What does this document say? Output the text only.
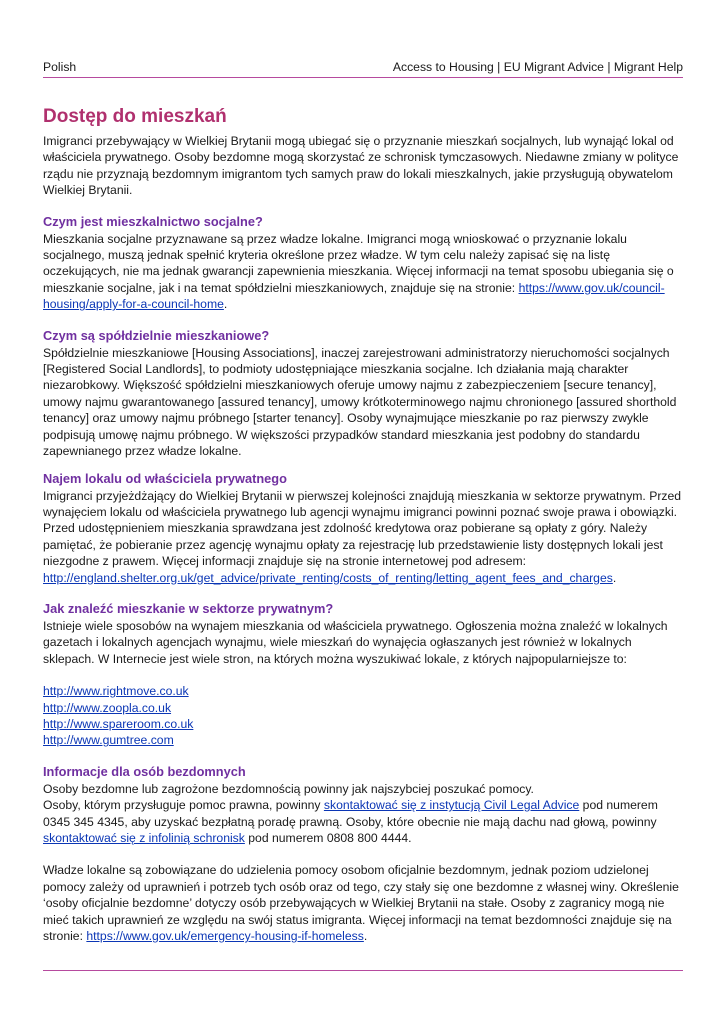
Polish	Access to Housing | EU Migrant Advice | Migrant Help
Dostęp do mieszkań

Imigranci przebywający w Wielkiej Brytanii mogą ubiegać się o przyznanie mieszkań socjalnych, lub wynająć lokal od właściciela prywatnego. Osoby bezdomne mogą skorzystać ze schronisk tymczasowych. Niedawne zmiany w polityce rządu nie przyznają bezdomnym imigrantom tych samych praw do lokali mieszkalnych, jakie przysługują obywatelom Wielkiej Brytanii.

Czym jest mieszkalnictwo socjalne?

Mieszkania socjalne przyznawane są przez władze lokalne. Imigranci mogą wnioskować o przyznanie lokalu socjalnego, muszą jednak spełnić kryteria określone przez władze. W tym celu należy zapisać się na listę oczekujących, nie ma jednak gwarancji zapewnienia mieszkania. Więcej informacji na temat sposobu ubiegania się o mieszkanie socjalne, jak i na temat spółdzielni mieszkaniowych, znajduje się na stronie: https://www.gov.uk/council-housing/apply-for-a-council-home.

Czym są spółdzielnie mieszkaniowe?

Spółdzielnie mieszkaniowe [Housing Associations], inaczej zarejestrowani administratorzy nieruchomości socjalnych [Registered Social Landlords], to podmioty udostępniające mieszkania socjalne. Ich działania mają charakter niezarobkowy. Większość spółdzielni mieszkaniowych oferuje umowy najmu z zabezpieczeniem [secure tenancy], umowy najmu gwarantowanego [assured tenancy], umowy krótkoterminowego najmu chronionego [assured shorthold tenancy] oraz umowy najmu próbnego [starter tenancy]. Osoby wynajmujące mieszkanie po raz pierwszy zwykle podpisują umowę najmu próbnego. W większości przypadków standard mieszkania jest podobny do standardu zapewnianego przez władze lokalne.

Najem lokalu od właściciela prywatnego

Imigranci przyjeżdżający do Wielkiej Brytanii w pierwszej kolejności znajdują mieszkania w sektorze prywatnym. Przed wynajęciem lokalu od właściciela prywatnego lub agencji wynajmu imigranci powinni poznać swoje prawa i obowiązki. Przed udostępnieniem mieszkania sprawdzana jest zdolność kredytowa oraz pobierane są opłaty z góry. Należy pamiętać, że pobieranie przez agencję wynajmu opłaty za rejestrację lub przedstawienie listy dostępnych lokali jest niezgodne z prawem. Więcej informacji znajduje się na stronie internetowej pod adresem: http://england.shelter.org.uk/get_advice/private_renting/costs_of_renting/letting_agent_fees_and_charges.

Jak znaleźć mieszkanie w sektorze prywatnym?

Istnieje wiele sposobów na wynajem mieszkania od właściciela prywatnego. Ogłoszenia można znaleźć w lokalnych gazetach i lokalnych agencjach wynajmu, wiele mieszkań do wynajęcia ogłaszanych jest również w lokalnych sklepach. W Internecie jest wiele stron, na których można wyszukiwać lokale, z których najpopularniejsze to:

http://www.rightmove.co.uk
http://www.zoopla.co.uk
http://www.spareroom.co.uk
http://www.gumtree.com
Informacje dla osób bezdomnych

Osoby bezdomne lub zagrożone bezdomnością powinny jak najszybciej poszukać pomocy.

Osoby, którym przysługuje pomoc prawna, powinny skontaktować się z instytucją Civil Legal Advice pod numerem 0345 345 4345, aby uzyskać bezpłatną poradę prawną. Osoby, które obecnie nie mają dachu nad głową, powinny skontaktować się z infolinią schronisk pod numerem 0808 800 4444.

Władze lokalne są zobowiązane do udzielenia pomocy osobom oficjalnie bezdomnym, jednak poziom udzielonej pomocy zależy od uprawnień i potrzeb tych osób oraz od tego, czy stały się one bezdomne z własnej winy. Określenie ‘osoby oficjalnie bezdomne’ dotyczy osób przebywających w Wielkiej Brytanii na stałe. Osoby z zagranicy mogą nie mieć takich uprawnień ze względu na swój status imigranta. Więcej informacji na temat bezdomności znajduje się na stronie: https://www.gov.uk/emergency-housing-if-homeless.
